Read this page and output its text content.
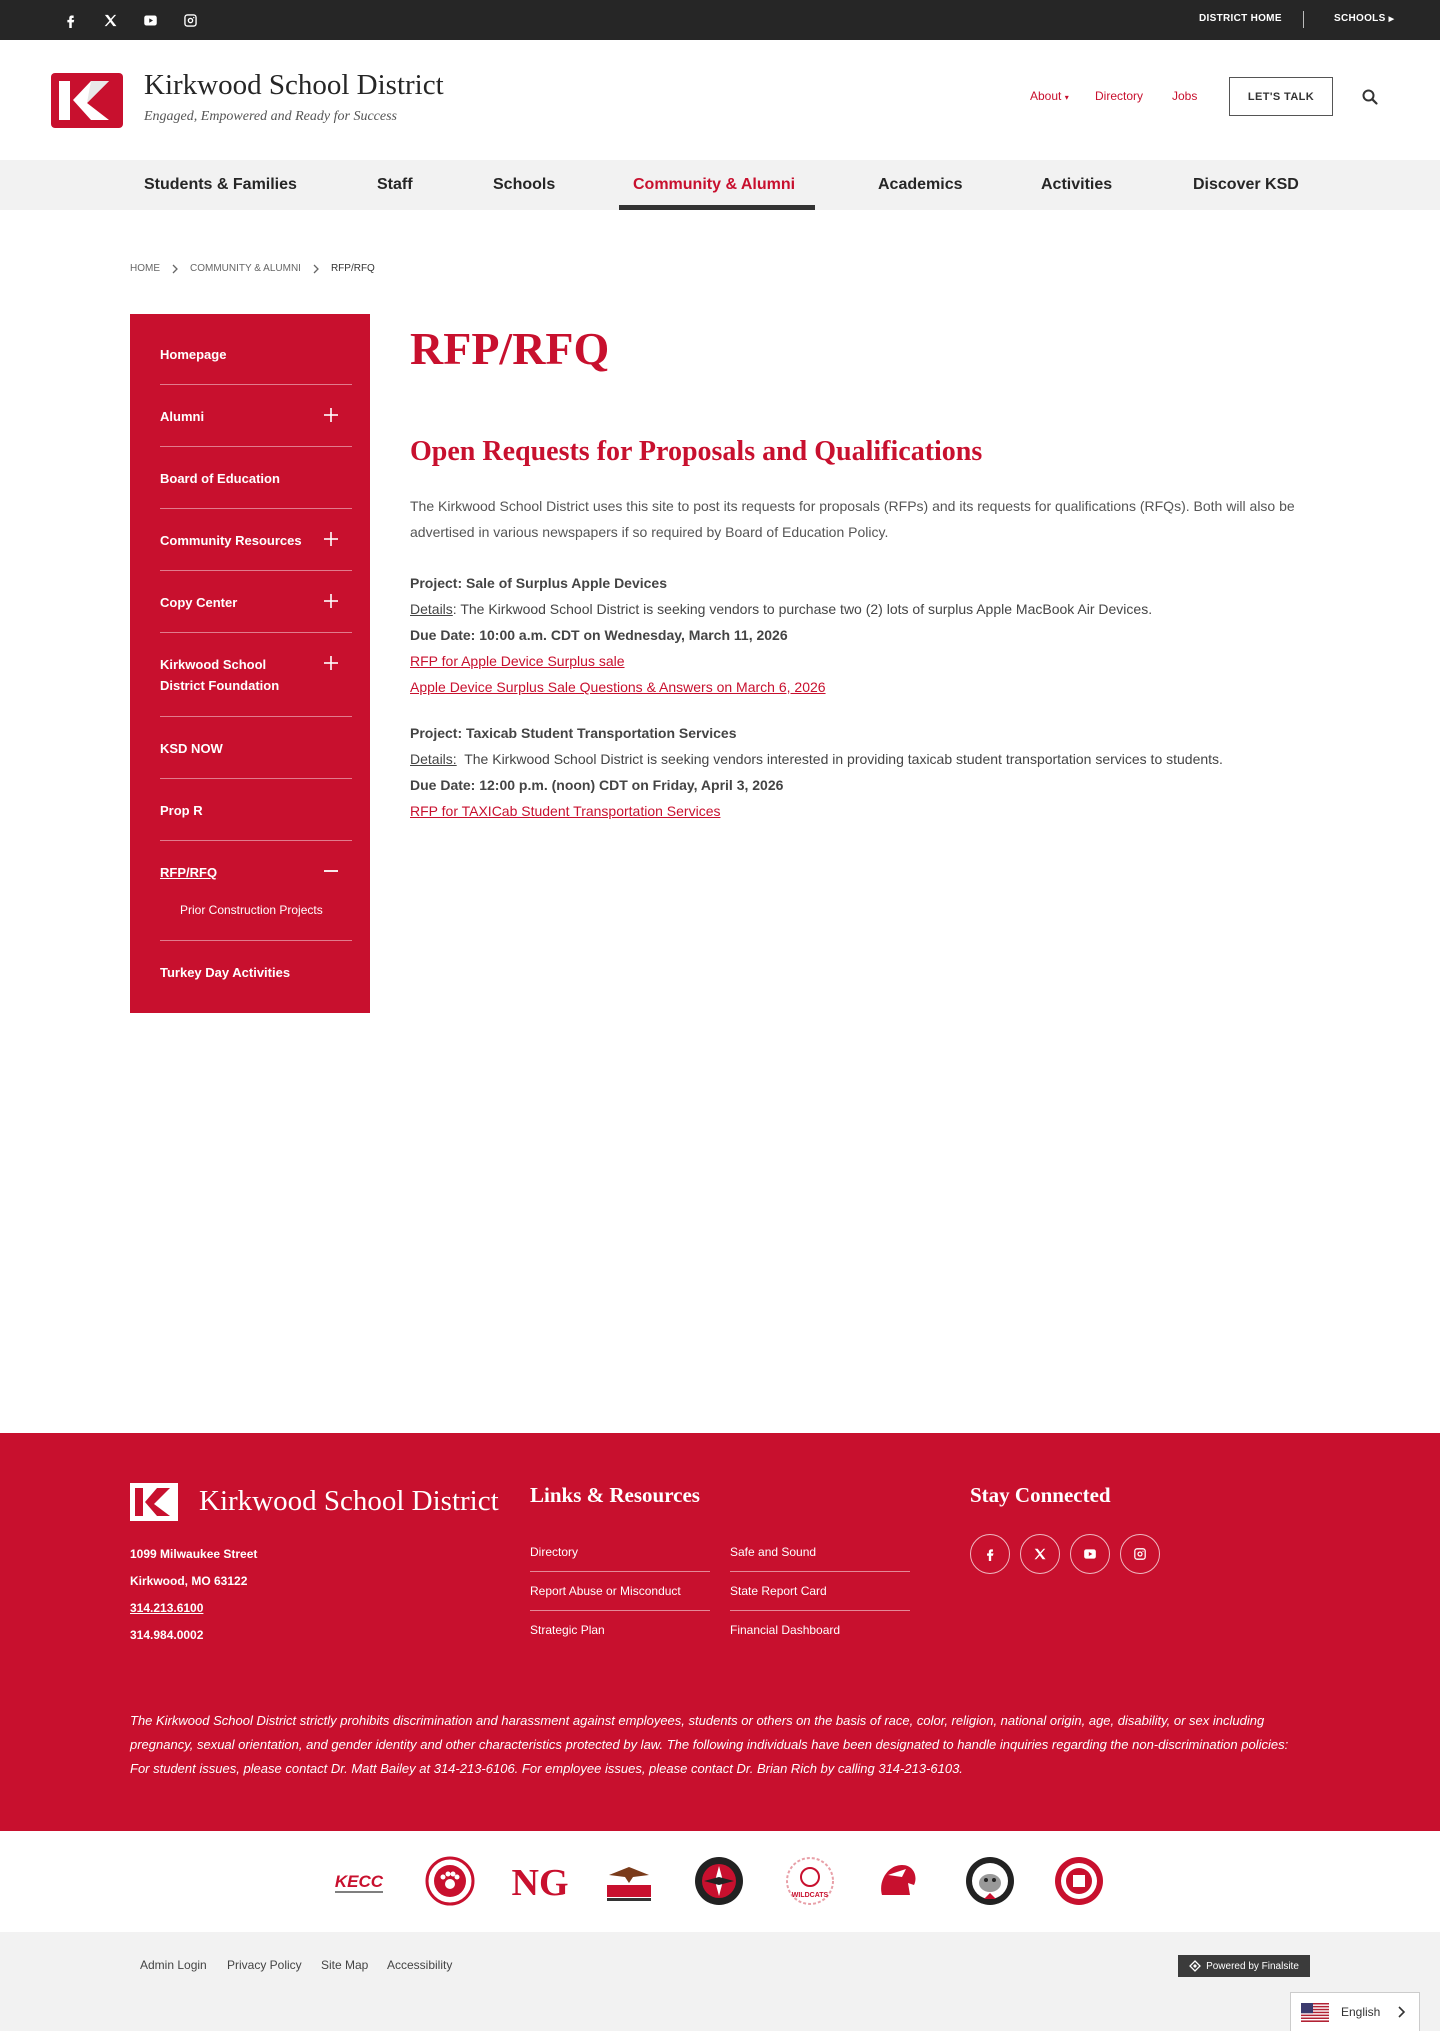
DISTRICT HOME	SCHOOLS ▶
Kirkwood School District
Engaged, Empowered and Ready for Success
About ▾ Directory Jobs	LET'S TALK
Students & Families	Staff	Schools	Community & Alumni	Academics	Activities	Discover KSD
HOME	COMMUNITY & ALUMNI	RFP/RFQ
Homepage
Alumni
Board of Education
Community Resources
Copy Center
Kirkwood School District Foundation
KSD NOW
Prop R
RFP/RFQ
Prior Construction Projects
Turkey Day Activities
RFP/RFQ
Open Requests for Proposals and Qualifications

The Kirkwood School District uses this site to post its requests for proposals (RFPs) and its requests for qualifications (RFQs). Both will also be advertised in various newspapers if so required by Board of Education Policy.

Project: Sale of Surplus Apple Devices
Details: The Kirkwood School District is seeking vendors to purchase two (2) lots of surplus Apple MacBook Air Devices.
Due Date: 10:00 a.m. CDT on Wednesday, March 11, 2026
RFP for Apple Device Surplus sale
Apple Device Surplus Sale Questions & Answers on March 6, 2026
Project: Taxicab Student Transportation Services
Details: The Kirkwood School District is seeking vendors interested in providing taxicab student transportation services to students.
Due Date: 12:00 p.m. (noon) CDT on Friday, April 3, 2026
RFP for TAXICab Student Transportation Services
Kirkwood School District
1099 Milwaukee Street
Kirkwood, MO 63122
314.213.6100
314.984.0002
Links & Resources
Directory
Report Abuse or Misconduct
Strategic Plan
Safe and Sound
State Report Card
Financial Dashboard
Stay Connected

The Kirkwood School District strictly prohibits discrimination and harassment against employees, students or others on the basis of race, color, religion, national origin, age, disability, or sex including pregnancy, sexual orientation, and gender identity and other characteristics protected by law. The following individuals have been designated to handle inquiries regarding the non-discrimination policies: For student issues, please contact Dr. Matt Bailey at 314-213-6106. For employee issues, please contact Dr. Brian Rich by calling 314-213-6103.

KECC	NG	WILDCATS
Admin Login Privacy Policy Site Map Accessibility	Powered by Finalsite
English
